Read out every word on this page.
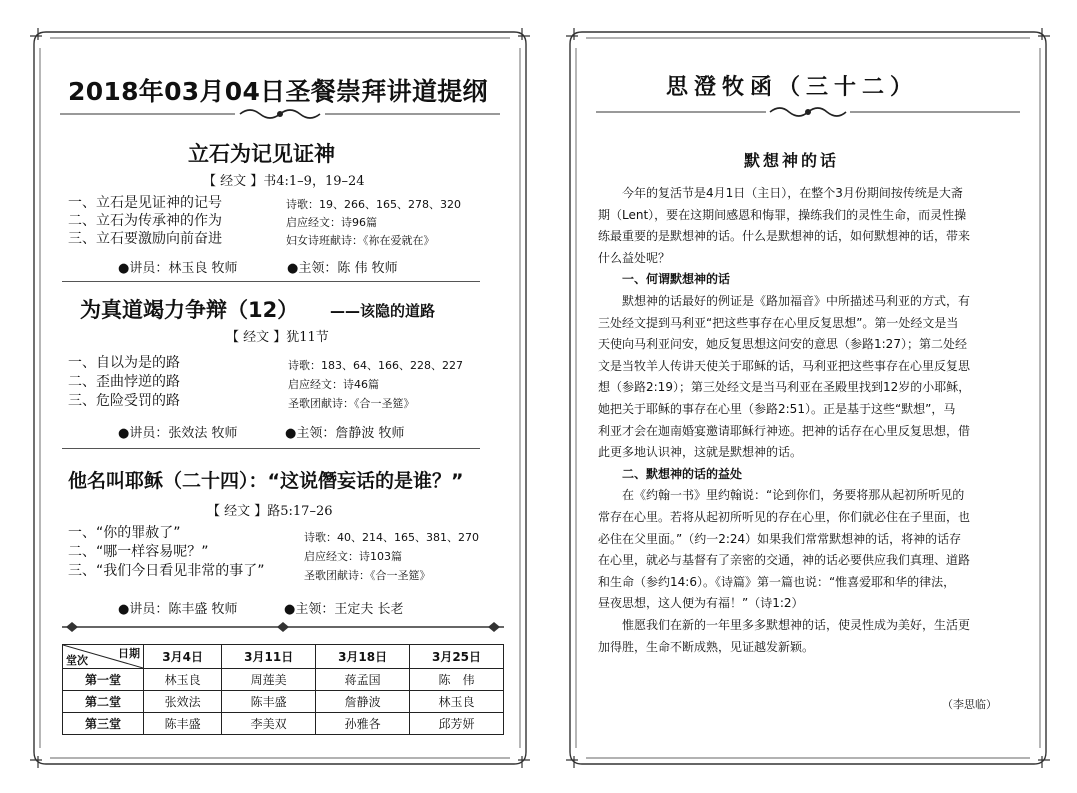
2018年03月04日圣餐崇拜讲道提纲
立石为记见证神
【 经文 】书4:1–9，19–24
一、立石是见证神的记号
二、立石为传承神的作为
三、立石要激励向前奋进
诗歌：19、266、165、278、320
启应经文：诗96篇
妇女诗班献诗：《祢在爱就在》
●讲员：林玉良 牧师	●主领：陈 伟 牧师
为真道竭力争辩（12） ——该隐的道路
【 经文 】犹11节
一、自以为是的路
二、歪曲悖逆的路
三、危险受罚的路
诗歌：183、64、166、228、227
启应经文：诗46篇
圣歌团献诗：《合一圣筵》
●讲员：张效法 牧师	●主领：詹静波 牧师
他名叫耶稣（二十四）：“这说僭妄话的是谁？”
【 经文 】路5:17–26
一、“你的罪赦了”
二、“哪一样容易呢？”
三、“我们今日看见非常的事了”
诗歌：40、214、165、381、270
启应经文：诗103篇
圣歌团献诗：《合一圣筵》
●讲员：陈丰盛 牧师	●主领：王定夫 长老
日期
堂次	3月4日	3月11日	3月18日	3月25日
第一堂	林玉良	周莲美	蒋孟国	陈　伟
第二堂	张效法	陈丰盛	詹静波	林玉良
第三堂	陈丰盛	李美双	孙雅各	邱芳妍
思澄牧函（三十二）
默想神的话
今年的复活节是4月1日（主日），在整个3月份期间按传统是大斋
期（Lent），要在这期间感恩和悔罪，操练我们的灵性生命，而灵性操
练最重要的是默想神的话。什么是默想神的话，如何默想神的话，带来
什么益处呢？
一、何谓默想神的话
默想神的话最好的例证是《路加福音》中所描述马利亚的方式，有
三处经文提到马利亚“把这些事存在心里反复思想”。第一处经文是当
天使向马利亚问安，她反复思想这问安的意思（参路1:27）；第二处经
文是当牧羊人传讲天使关于耶稣的话，马利亚把这些事存在心里反复思
想（参路2:19）；第三处经文是当马利亚在圣殿里找到12岁的小耶稣，
她把关于耶稣的事存在心里（参路2:51）。正是基于这些“默想”，马
利亚才会在迦南婚宴邀请耶稣行神迹。把神的话存在心里反复思想，借
此更多地认识神，这就是默想神的话。
二、默想神的话的益处
在《约翰一书》里约翰说：“论到你们，务要将那从起初所听见的
常存在心里。若将从起初所听见的存在心里，你们就必住在子里面，也
必住在父里面。”（约一2:24）如果我们常常默想神的话，将神的话存
在心里，就必与基督有了亲密的交通，神的话必要供应我们真理、道路
和生命（参约14:6）。《诗篇》第一篇也说：“惟喜爱耶和华的律法，
昼夜思想，这人便为有福！”（诗1:2）
惟愿我们在新的一年里多多默想神的话，使灵性成为美好，生活更
加得胜，生命不断成熟，见证越发新颖。
（李思临）
